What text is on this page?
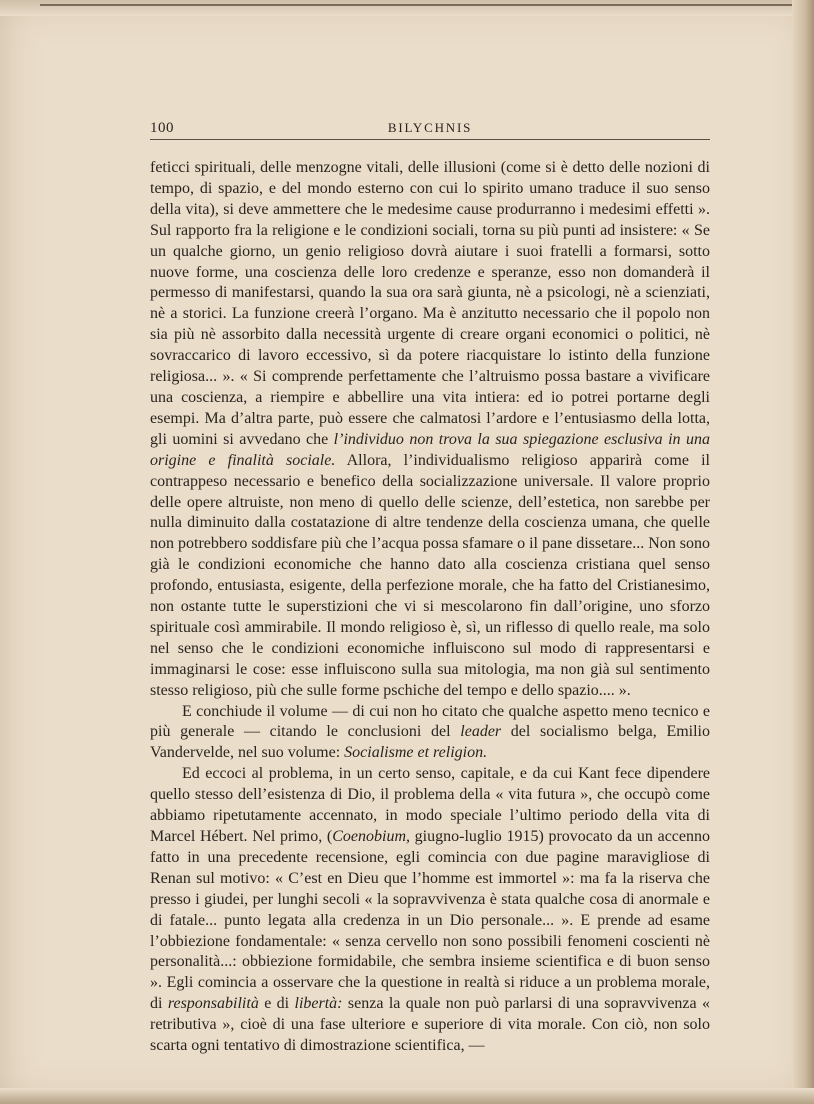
100	BILYCHNIS

feticci spirituali, delle menzogne vitali, delle illusioni (come si è detto delle nozioni di tempo, di spazio, e del mondo esterno con cui lo spirito umano traduce il suo senso della vita), si deve ammettere che le medesime cause produrranno i medesimi effetti ». Sul rapporto fra la religione e le condizioni sociali, torna su più punti ad insistere: « Se un qualche giorno, un genio religioso dovrà aiutare i suoi fratelli a formarsi, sotto nuove forme, una coscienza delle loro credenze e speranze, esso non domanderà il permesso di manifestarsi, quando la sua ora sarà giunta, nè a psicologi, nè a scienziati, nè a storici. La funzione creerà l’organo. Ma è anzitutto necessario che il popolo non sia più nè assorbito dalla necessità urgente di creare organi economici o politici, nè sovraccarico di lavoro eccessivo, sì da potere riacquistare lo istinto della funzione religiosa... ». « Si comprende perfettamente che l’altruismo possa bastare a vivificare una coscienza, a riempire e abbellire una vita intiera: ed io potrei portarne degli esempi. Ma d’altra parte, può essere che calmatosi l’ardore e l’entusiasmo della lotta, gli uomini si avvedano che l’individuo non trova la sua spiegazione esclusiva in una origine e finalità sociale. Allora, l’individualismo religioso apparirà come il contrappeso necessario e benefico della socializzazione universale. Il valore proprio delle opere altruiste, non meno di quello delle scienze, dell’estetica, non sarebbe per nulla diminuito dalla costatazione di altre tendenze della coscienza umana, che quelle non potrebbero soddisfare più che l’acqua possa sfamare o il pane dissetare... Non sono già le condizioni economiche che hanno dato alla coscienza cristiana quel senso profondo, entusiasta, esigente, della perfezione morale, che ha fatto del Cristianesimo, non ostante tutte le superstizioni che vi si mescolarono fin dall’origine, uno sforzo spirituale così ammirabile. Il mondo religioso è, sì, un riflesso di quello reale, ma solo nel senso che le condizioni economiche influiscono sul modo di rappresentarsi e immaginarsi le cose: esse influiscono sulla sua mitologia, ma non già sul sentimento stesso religioso, più che sulle forme pschiche del tempo e dello spazio.... ».

E conchiude il volume — di cui non ho citato che qualche aspetto meno tecnico e più generale — citando le conclusioni del leader del socialismo belga, Emilio Vandervelde, nel suo volume: Socialisme et religion.

Ed eccoci al problema, in un certo senso, capitale, e da cui Kant fece dipendere quello stesso dell’esistenza di Dio, il problema della « vita futura », che occupò come abbiamo ripetutamente accennato, in modo speciale l’ultimo periodo della vita di Marcel Hébert. Nel primo, (Coenobium, giugno-luglio 1915) provocato da un accenno fatto in una precedente recensione, egli comincia con due pagine maravigliose di Renan sul motivo: « C’est en Dieu que l’homme est immortel »: ma fa la riserva che presso i giudei, per lunghi secoli « la sopravvivenza è stata qualche cosa di anormale e di fatale... punto legata alla credenza in un Dio personale... ». E prende ad esame l’obbiezione fondamentale: « senza cervello non sono possibili fenomeni coscienti nè personalità...: obbiezione formidabile, che sembra insieme scientifica e di buon senso ». Egli comincia a osservare che la questione in realtà si riduce a un problema morale, di responsabilità e di libertà: senza la quale non può parlarsi di una sopravvivenza « retributiva », cioè di una fase ulteriore e superiore di vita morale. Con ciò, non solo scarta ogni tentativo di dimostrazione scientifica, —
